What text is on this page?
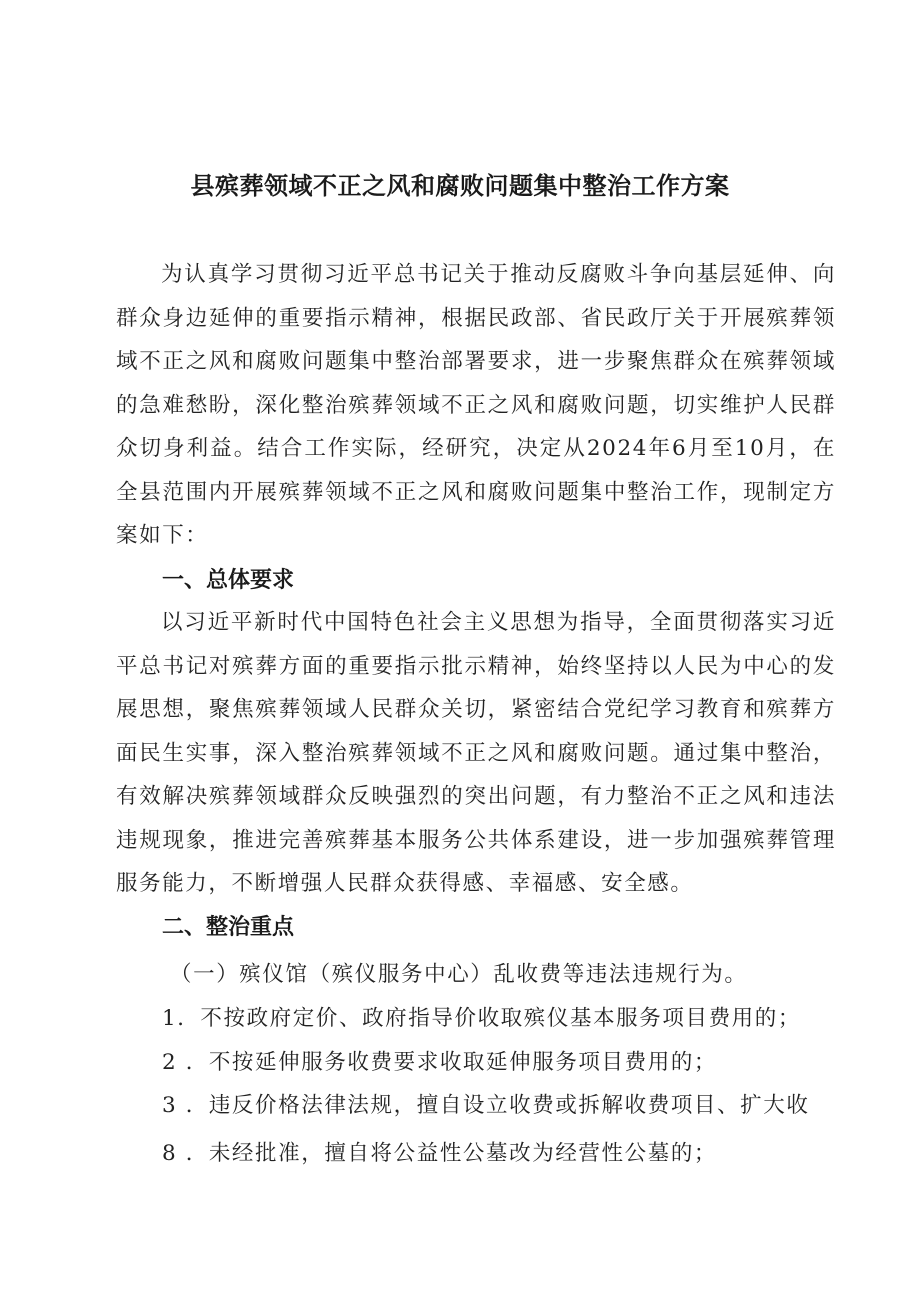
县殡葬领域不正之风和腐败问题集中整治工作方案

为认真学习贯彻习近平总书记关于推动反腐败斗争向基层延伸、向群众身边延伸的重要指示精神，根据民政部、省民政厅关于开展殡葬领域不正之风和腐败问题集中整治部署要求，进一步聚焦群众在殡葬领域的急难愁盼，深化整治殡葬领域不正之风和腐败问题，切实维护人民群众切身利益。结合工作实际，经研究，决定从2024年6月至10月，在全县范围内开展殡葬领域不正之风和腐败问题集中整治工作，现制定方案如下：

一、总体要求

以习近平新时代中国特色社会主义思想为指导，全面贯彻落实习近平总书记对殡葬方面的重要指示批示精神，始终坚持以人民为中心的发展思想，聚焦殡葬领域人民群众关切，紧密结合党纪学习教育和殡葬方面民生实事，深入整治殡葬领域不正之风和腐败问题。通过集中整治，有效解决殡葬领域群众反映强烈的突出问题，有力整治不正之风和违法违规现象，推进完善殡葬基本服务公共体系建设，进一步加强殡葬管理服务能力，不断增强人民群众获得感、幸福感、安全感。

二、整治重点

（一）殡仪馆（殡仪服务中心）乱收费等违法违规行为。

1．不按政府定价、政府指导价收取殡仪基本服务项目费用的；

2 ．不按延伸服务收费要求收取延伸服务项目费用的；

3 ．违反价格法律法规，擅自设立收费或拆解收费项目、扩大收

8 ．未经批准，擅自将公益性公墓改为经营性公墓的；
